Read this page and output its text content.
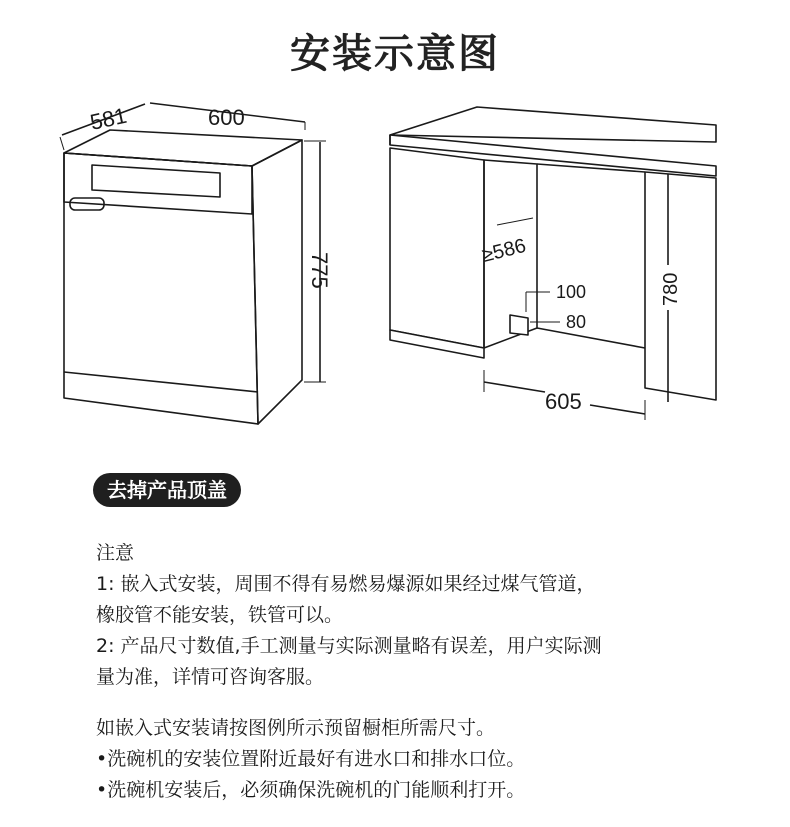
安装示意图
581	600
775
≥586
605
780
100
80
去掉产品顶盖

注意

1: 嵌入式安装，周围不得有易燃易爆源如果经过煤气管道，

橡胶管不能安装，铁管可以。

2: 产品尺寸数值,手工测量与实际测量略有误差，用户实际测

量为准，详情可咨询客服。

如嵌入式安装请按图例所示预留橱柜所需尺寸。

•洗碗机的安装位置附近最好有进水口和排水口位。

•洗碗机安装后，必须确保洗碗机的门能顺利打开。
